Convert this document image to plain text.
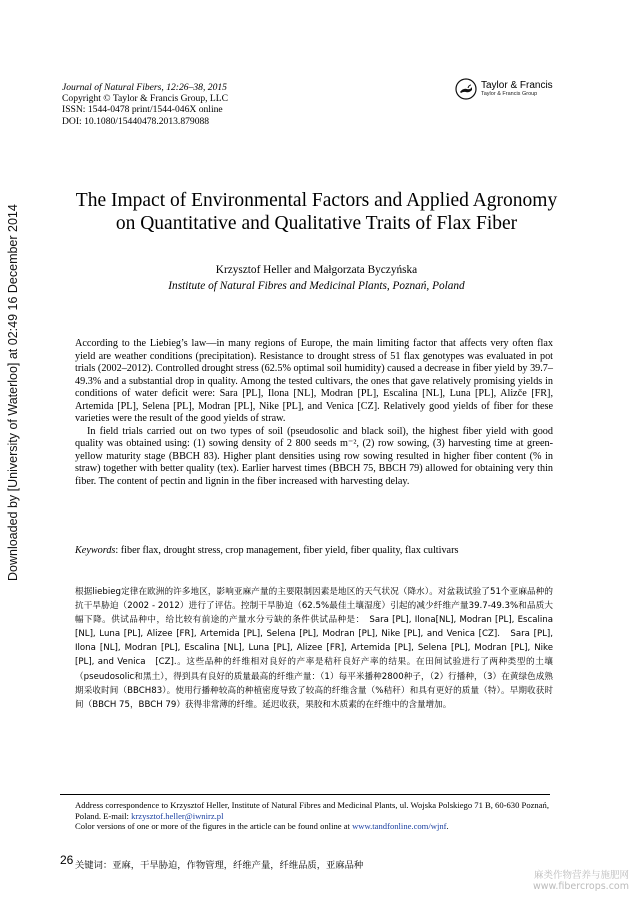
Downloaded by [University of Waterloo] at 02:49 16 December 2014
Journal of Natural Fibers, 12:26–38, 2015
Copyright © Taylor & Francis Group, LLC
ISSN: 1544-0478 print/1544-046X online
DOI: 10.1080/15440478.2013.879088
Taylor & Francis
Taylor & Francis Group
The Impact of Environmental Factors and Applied Agronomy
on Quantitative and Qualitative Traits of Flax Fiber
Krzysztof Heller and Małgorzata Byczyńska
Institute of Natural Fibres and Medicinal Plants, Poznań, Poland

According to the Liebieg’s law—in many regions of Europe, the main limiting factor that affects very often flax yield are weather conditions (precipitation). Resistance to drought stress of 51 flax genotypes was evaluated in pot trials (2002–2012). Controlled drought stress (62.5% optimal soil humidity) caused a decrease in fiber yield by 39.7–49.3% and a substantial drop in quality. Among the tested cultivars, the ones that gave relatively promising yields in conditions of water deficit were: Sara [PL], Ilona [NL], Modran [PL], Escalina [NL], Luna [PL], Alizče [FR], Artemida [PL], Selena [PL], Modran [PL], Nike [PL], and Venica [CZ]. Relatively good yields of fiber for these varieties were the result of the good yields of straw.

In field trials carried out on two types of soil (pseudosolic and black soil), the highest fiber yield with good quality was obtained using: (1) sowing density of 2 800 seeds m⁻², (2) row sowing, (3) harvesting time at green-yellow maturity stage (BBCH 83). Higher plant densities using row sowing resulted in higher fiber content (% in straw) together with better quality (tex). Earlier harvest times (BBCH 75, BBCH 79) allowed for obtaining very thin fiber. The content of pectin and lignin in the fiber increased with harvesting delay.

Keywords: fiber flax, drought stress, crop management, fiber yield, fiber quality, flax cultivars

根据liebieg定律在欧洲的许多地区，影响亚麻产量的主要限制因素是地区的天气状况（降水）。对盆栽试验了51个亚麻品种的抗干旱胁迫（2002 - 2012）进行了评估。控制干旱胁迫（62.5%最佳土壤湿度）引起的减少纤维产量39.7-49.3%和品质大幅下降。供试品种中，给比较有前途的产量水分亏缺的条件供试品种是：　Sara [PL], Ilona[NL], Modran [PL], Escalina [NL], Luna [PL], Alizee [FR], Artemida [PL], Selena [PL], Modran [PL], Nike [PL], and Venica [CZ].　Sara [PL], Ilona [NL], Modran [PL], Escalina [NL], Luna [PL], Alizee [FR], Artemida [PL], Selena [PL], Modran [PL], Nike [PL], and Venica　[CZ].。这些品种的纤维相对良好的产率是秸秆良好产率的结果。在田间试验进行了两种类型的土壤（pseudosolic和黑土），得到具有良好的质量最高的纤维产量：（1）每平米播种2800种子，（2）行播种，（3）在黄绿色成熟期采收时间（BBCH83）。使用行播种较高的种植密度导致了较高的纤维含量（%秸秆）和具有更好的质量（特）。早期收获时间（BBCH 75，BBCH 79）获得非常薄的纤维。延迟收获，果胶和木质素的在纤维中的含量增加。

关键词：亚麻，干旱胁迫，作物管理，纤维产量，纤维品质，亚麻品种
Address correspondence to Krzysztof Heller, Institute of Natural Fibres and Medicinal Plants, ul. Wojska Polskiego 71 B, 60-630 Poznań, Poland. E-mail: krzysztof.heller@iwnirz.pl
Color versions of one or more of the figures in the article can be found online at www.tandfonline.com/wjnf.
26
麻类作物营养与施肥网
www.fibercrops.com
